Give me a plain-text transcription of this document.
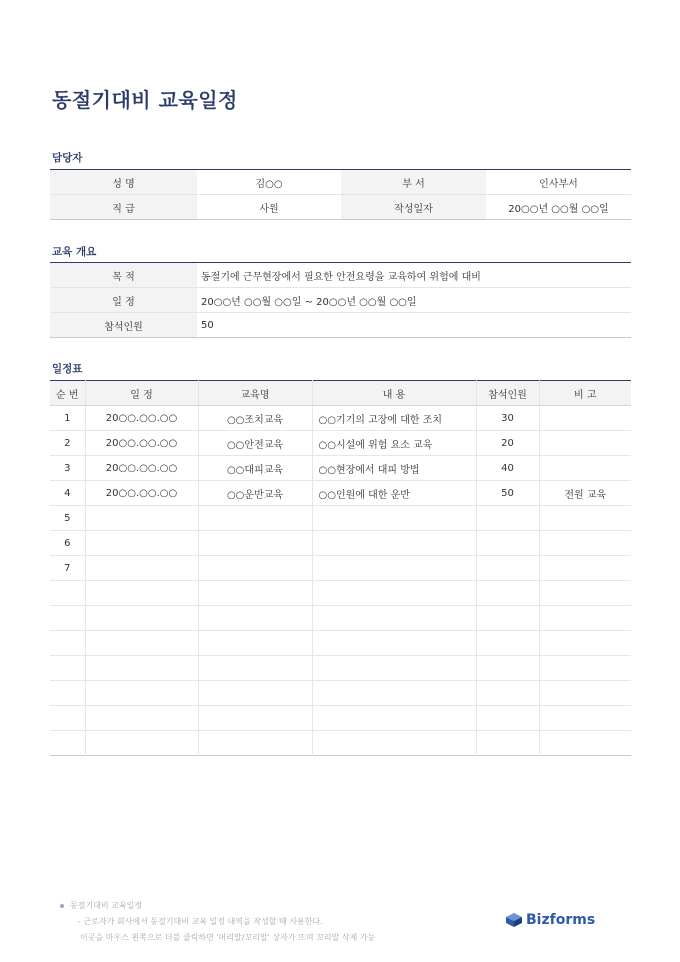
동절기대비 교육일정
담당자
성 명	김○○	부 서	인사부서
직 급	사원	작성일자	20○○년 ○○월 ○○일
교육 개요
목 적	동절기에 근무현장에서 필요한 안전요령을 교육하여 위험에 대비
일 정	20○○년 ○○월 ○○일 ~ 20○○년 ○○월 ○○일
참석인원	50
일정표
순 번	일 정	교육명	내 용	참석인원	비 고
1	20○○.○○.○○	○○조치교육	○○기기의 고장에 대한 조치	30	
2	20○○.○○.○○	○○안전교육	○○시설에 위험 요소 교육	20	
3	20○○.○○.○○	○○대피교육	○○현장에서 대피 방법	40	
4	20○○.○○.○○	○○운반교육	○○인원에 대한 운반	50	전원 교육
5					
6					
7					

동절기대비 교육일정
- 근로자가 회사에서 동절기대비 교육 일정 내역을 작성할 때 사용한다.
이곳을 마우스 왼쪽으로 더블 클릭하면 '머리말/꼬리말' 상자가 뜨며 꼬리말 삭제 가능
Bizforms
